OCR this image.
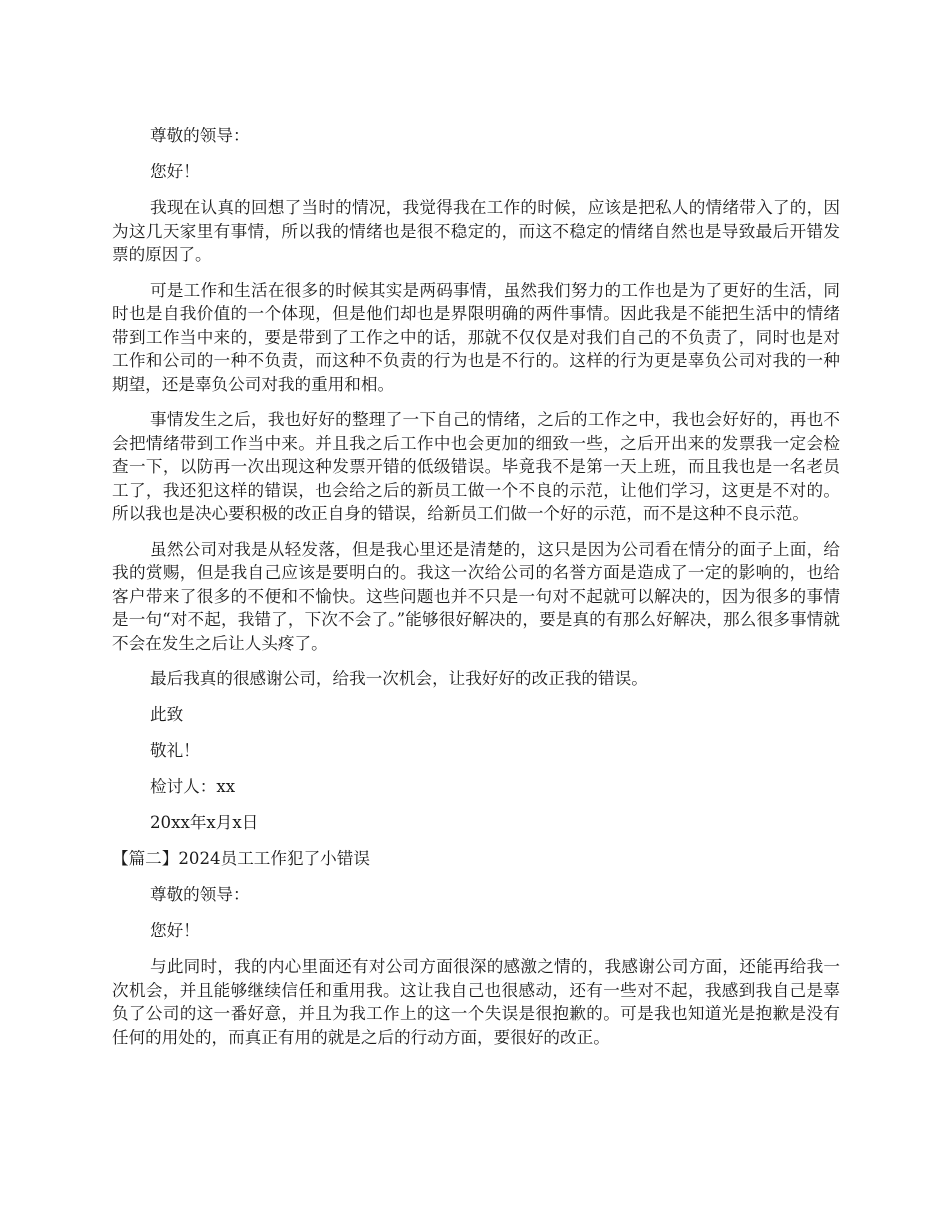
尊敬的领导：

您好！

我现在认真的回想了当时的情况，我觉得我在工作的时候，应该是把私人的情绪带入了的，因为这几天家里有事情，所以我的情绪也是很不稳定的，而这不稳定的情绪自然也是导致最后开错发票的原因了。

可是工作和生活在很多的时候其实是两码事情，虽然我们努力的工作也是为了更好的生活，同时也是自我价值的一个体现，但是他们却也是界限明确的两件事情。因此我是不能把生活中的情绪带到工作当中来的，要是带到了工作之中的话，那就不仅仅是对我们自己的不负责了，同时也是对工作和公司的一种不负责，而这种不负责的行为也是不行的。这样的行为更是辜负公司对我的一种期望，还是辜负公司对我的重用和相。

事情发生之后，我也好好的整理了一下自己的情绪，之后的工作之中，我也会好好的，再也不会把情绪带到工作当中来。并且我之后工作中也会更加的细致一些，之后开出来的发票我一定会检查一下，以防再一次出现这种发票开错的低级错误。毕竟我不是第一天上班，而且我也是一名老员工了，我还犯这样的错误，也会给之后的新员工做一个不良的示范，让他们学习，这更是不对的。所以我也是决心要积极的改正自身的错误，给新员工们做一个好的示范，而不是这种不良示范。

虽然公司对我是从轻发落，但是我心里还是清楚的，这只是因为公司看在情分的面子上面，给我的赏赐，但是我自己应该是要明白的。我这一次给公司的名誉方面是造成了一定的影响的，也给客户带来了很多的不便和不愉快。这些问题也并不只是一句对不起就可以解决的，因为很多的事情是一句“对不起，我错了，下次不会了。”能够很好解决的，要是真的有那么好解决，那么很多事情就不会在发生之后让人头疼了。

最后我真的很感谢公司，给我一次机会，让我好好的改正我的错误。

此致

敬礼！

检讨人：xx

20xx年x月x日

【篇二】2024员工工作犯了小错误

尊敬的领导：

您好！

与此同时，我的内心里面还有对公司方面很深的感激之情的，我感谢公司方面，还能再给我一次机会，并且能够继续信任和重用我。这让我自己也很感动，还有一些对不起，我感到我自己是辜负了公司的这一番好意，并且为我工作上的这一个失误是很抱歉的。可是我也知道光是抱歉是没有任何的用处的，而真正有用的就是之后的行动方面，要很好的改正。
